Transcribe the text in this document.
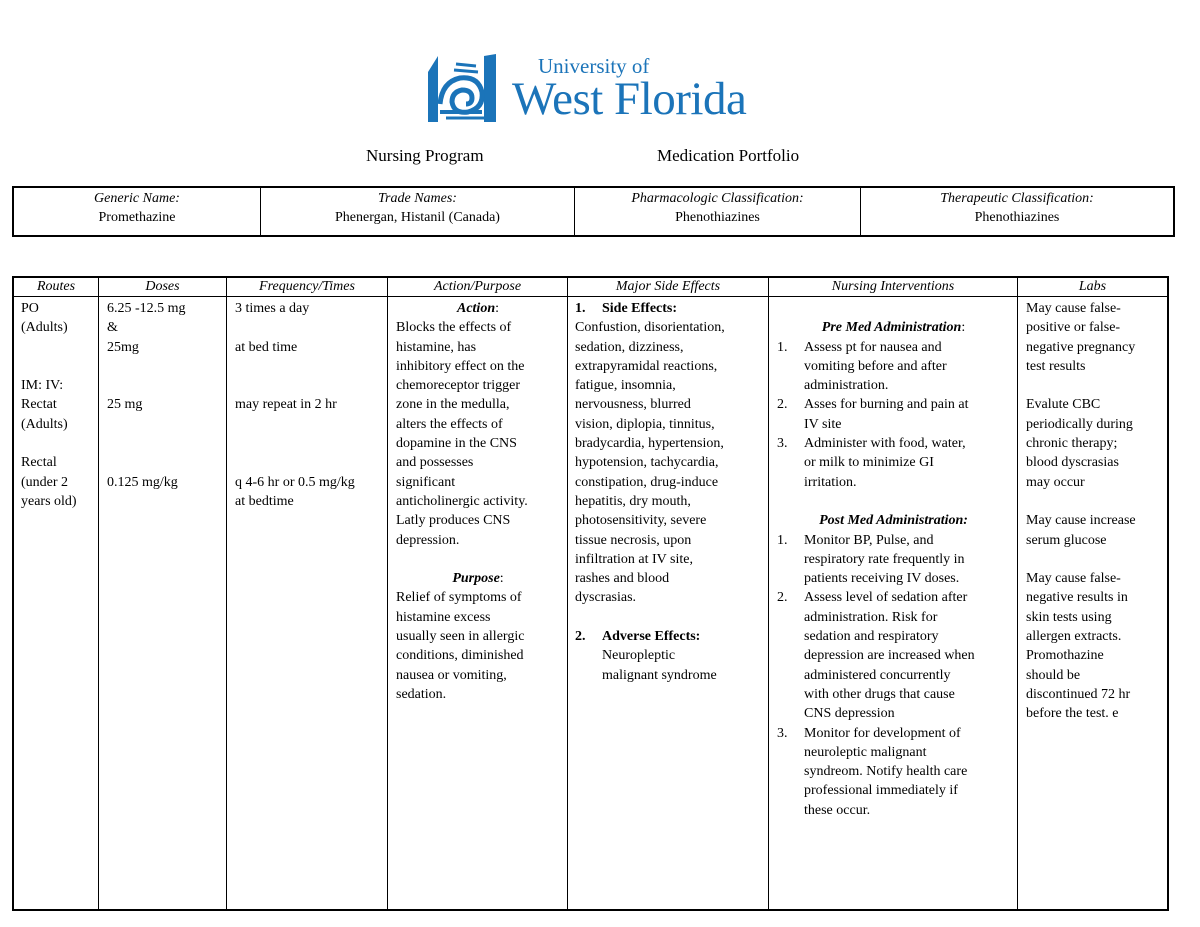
University of
West Florida
Nursing Program	Medication Portfolio
Generic Name:
Promethazine
Trade Names:
Phenergan, Histanil (Canada)
Pharmacologic Classification:
Phenothiazines
Therapeutic Classification:
Phenothiazines
Routes
PO
(Adults)
IM: IV:
Rectat
(Adults)
Rectal
(under 2
years old)
Doses
6.25 -12.5 mg
&
25mg
25 mg
0.125 mg/kg
Frequency/Times
3 times a day
at bed time
may repeat in 2 hr
q 4-6 hr or 0.5 mg/kg
at bedtime
Action/Purpose
Action:
Blocks the effects of
histamine, has
inhibitory effect on the
chemoreceptor trigger
zone in the medulla,
alters the effects of
dopamine in the CNS
and possesses
significant
anticholinergic activity.
Latly produces CNS
depression.
Purpose:
Relief of symptoms of
histamine excess
usually seen in allergic
conditions, diminished
nausea or vomiting,
sedation.
Major Side Effects
1. Side Effects:
Confustion, disorientation,
sedation, dizziness,
extrapyramidal reactions,
fatigue, insomnia,
nervousness, blurred
vision, diplopia, tinnitus,
bradycardia, hypertension,
hypotension, tachycardia,
constipation, drug-induce
hepatitis, dry mouth,
photosensitivity, severe
tissue necrosis, upon
infiltration at IV site,
rashes and blood
dyscrasias.
2. Adverse Effects:
Neuropleptic
malignant syndrome
Nursing Interventions
Pre Med Administration:
1. Assess pt for nausea and
vomiting before and after
administration.
2. Asses for burning and pain at
IV site
3. Administer with food, water,
or milk to minimize GI
irritation.
Post Med Administration:
1. Monitor BP, Pulse, and
respiratory rate frequently in
patients receiving IV doses.
2. Assess level of sedation after
administration. Risk for
sedation and respiratory
depression are increased when
administered concurrently
with other drugs that cause
CNS depression
3. Monitor for development of
neuroleptic malignant
syndreom. Notify health care
professional immediately if
these occur.
Labs
May cause false-
positive or false-
negative pregnancy
test results
Evalute CBC
periodically during
chronic therapy;
blood dyscrasias
may occur
May cause increase
serum glucose
May cause false-
negative results in
skin tests using
allergen extracts.
Promothazine
should be
discontinued 72 hr
before the test. e
